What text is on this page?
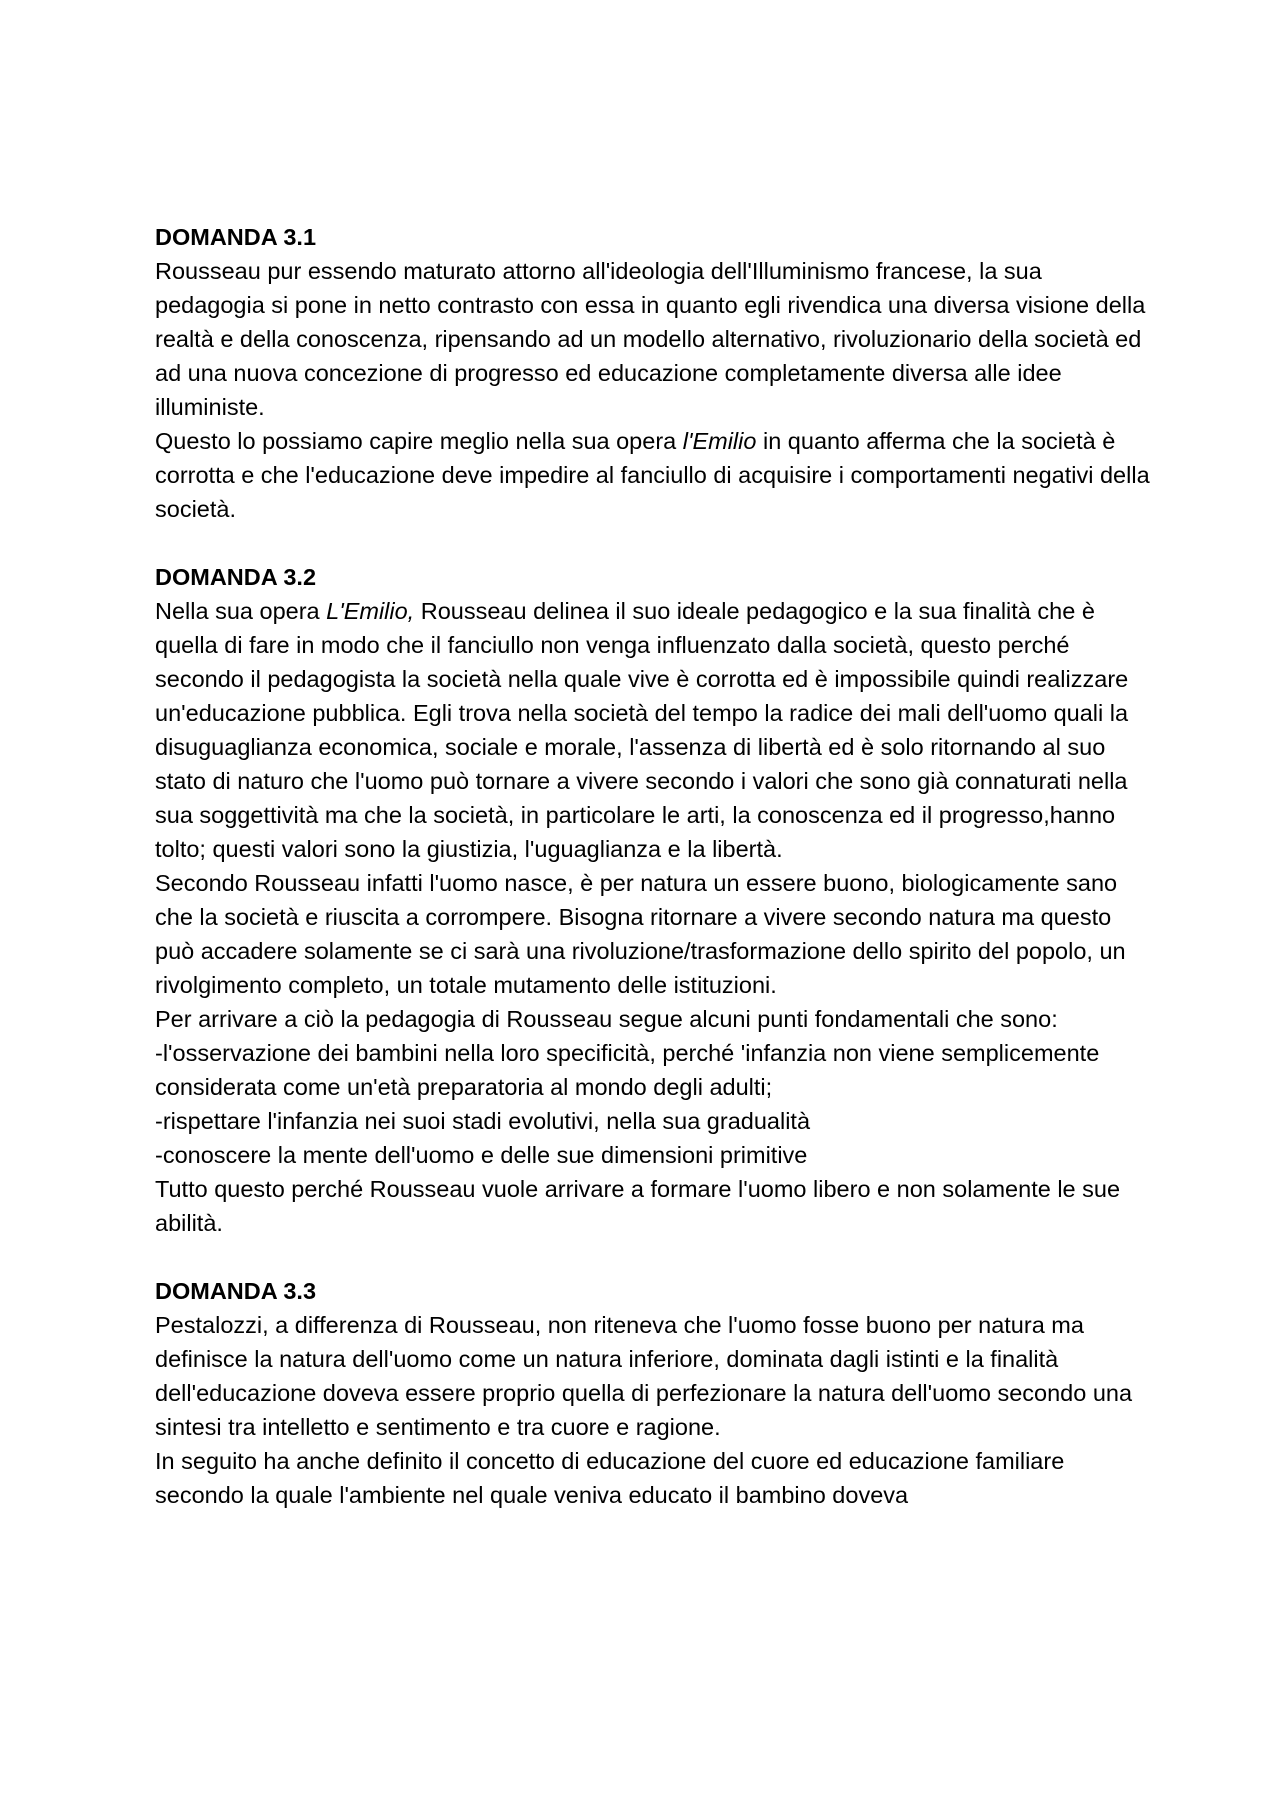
DOMANDA 3.1
Rousseau pur essendo maturato attorno all'ideologia dell'Illuminismo francese, la sua pedagogia si pone in netto contrasto con essa in quanto egli rivendica una diversa visione della realtà e della conoscenza, ripensando ad un modello alternativo, rivoluzionario della società ed ad una nuova concezione di progresso ed educazione completamente diversa alle idee illuministe.
Questo lo possiamo capire meglio nella sua opera l'Emilio in quanto afferma che la società è corrotta e che l'educazione deve impedire al fanciullo di acquisire i comportamenti negativi della società.
DOMANDA 3.2
Nella sua opera L'Emilio, Rousseau delinea il suo ideale pedagogico e la sua finalità che è quella di fare in modo che il fanciullo non venga influenzato dalla società, questo perché secondo il pedagogista la società nella quale vive è corrotta ed è impossibile quindi realizzare un'educazione pubblica. Egli trova nella società del tempo la radice dei mali dell'uomo quali la disuguaglianza economica, sociale e morale, l'assenza di libertà ed è solo ritornando al suo stato di naturo che l'uomo può tornare a vivere secondo i valori che sono già connaturati nella sua soggettività ma che la società, in particolare le arti, la conoscenza ed il progresso,hanno tolto; questi valori sono la giustizia, l'uguaglianza e la libertà.
Secondo Rousseau infatti l'uomo nasce, è per natura un essere buono, biologicamente sano che la società e riuscita a corrompere. Bisogna ritornare a vivere secondo natura ma questo può accadere solamente se ci sarà una rivoluzione/trasformazione dello spirito del popolo, un rivolgimento completo, un totale mutamento delle istituzioni.
Per arrivare a ciò la pedagogia di Rousseau segue alcuni punti fondamentali che sono:
-l'osservazione dei bambini nella loro specificità, perché 'infanzia non viene semplicemente considerata come un'età preparatoria al mondo degli adulti;
-rispettare l'infanzia nei suoi stadi evolutivi, nella sua gradualità
-conoscere la mente dell'uomo e delle sue dimensioni primitive
Tutto questo perché Rousseau vuole arrivare a formare l'uomo libero e non solamente le sue abilità.
DOMANDA 3.3
Pestalozzi, a differenza di Rousseau, non riteneva che l'uomo fosse buono per natura ma definisce la natura dell'uomo come un natura inferiore, dominata dagli istinti e la finalità dell'educazione doveva essere proprio quella di perfezionare la natura dell'uomo secondo una sintesi tra intelletto e sentimento e tra cuore e ragione.
In seguito ha anche definito il concetto di educazione del cuore ed educazione familiare secondo la quale l'ambiente nel quale veniva educato il bambino doveva
